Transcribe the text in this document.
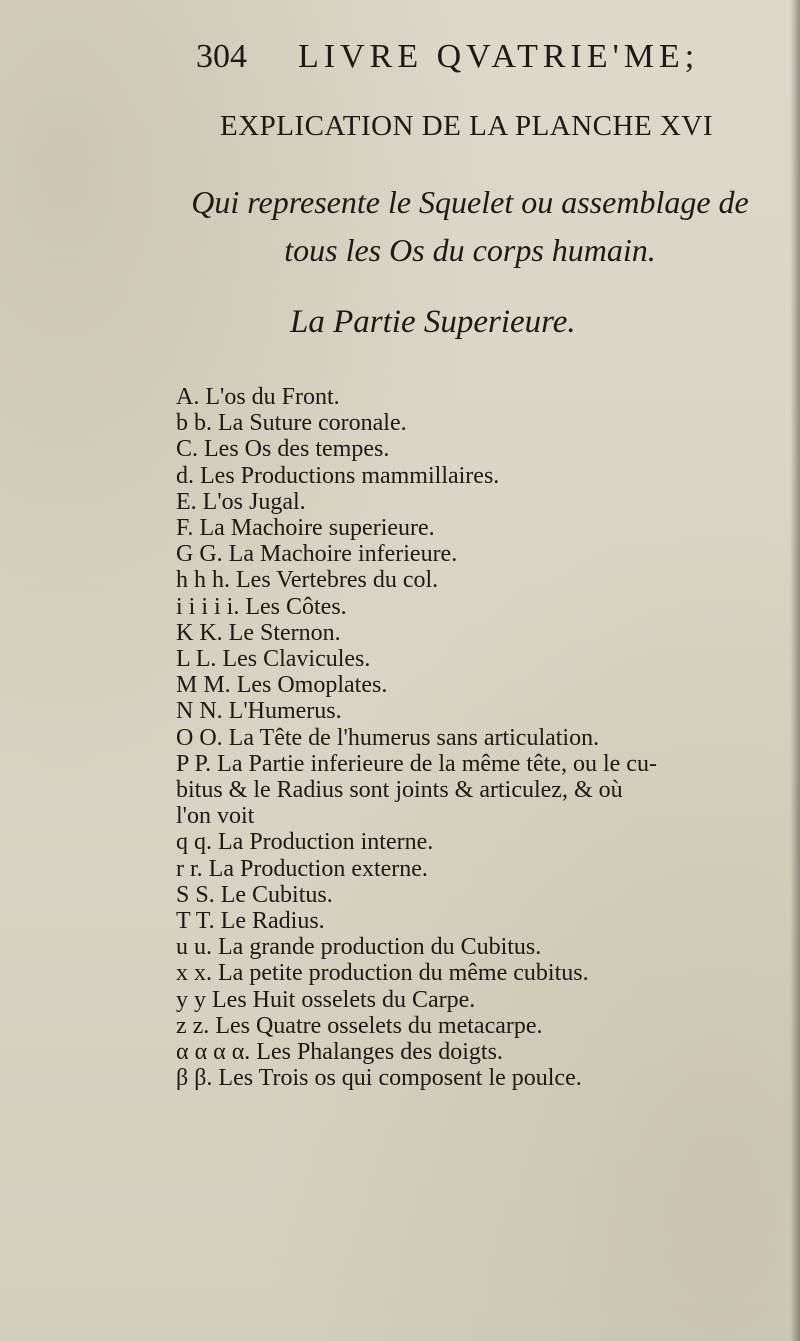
304 LIVRE QVATRIE'ME;
EXPLICATION DE LA PLANCHE XVI
Qui represente le Squelet ou assemblage de
tous les Os du corps humain.
La Partie Superieure.
A. L'os du Front.
b b. La Suture coronale.
C. Les Os des tempes.
d. Les Productions mammillaires.
E. L'os Jugal.
F. La Machoire superieure.
G G. La Machoire inferieure.
h h h. Les Vertebres du col.
i i i i i. Les Côtes.
K K. Le Sternon.
L L. Les Clavicules.
M M. Les Omoplates.
N N. L'Humerus.
O O. La Tête de l'humerus sans articulation.
P P. La Partie inferieure de la même tête, ou le cu-
bitus & le Radius sont joints & articulez, & où
l'on voit
q q. La Production interne.
r r. La Production externe.
S S. Le Cubitus.
T T. Le Radius.
u u. La grande production du Cubitus.
x x. La petite production du même cubitus.
y y Les Huit osselets du Carpe.
z z. Les Quatre osselets du metacarpe.
α α α α. Les Phalanges des doigts.
β β. Les Trois os qui composent le poulce.
